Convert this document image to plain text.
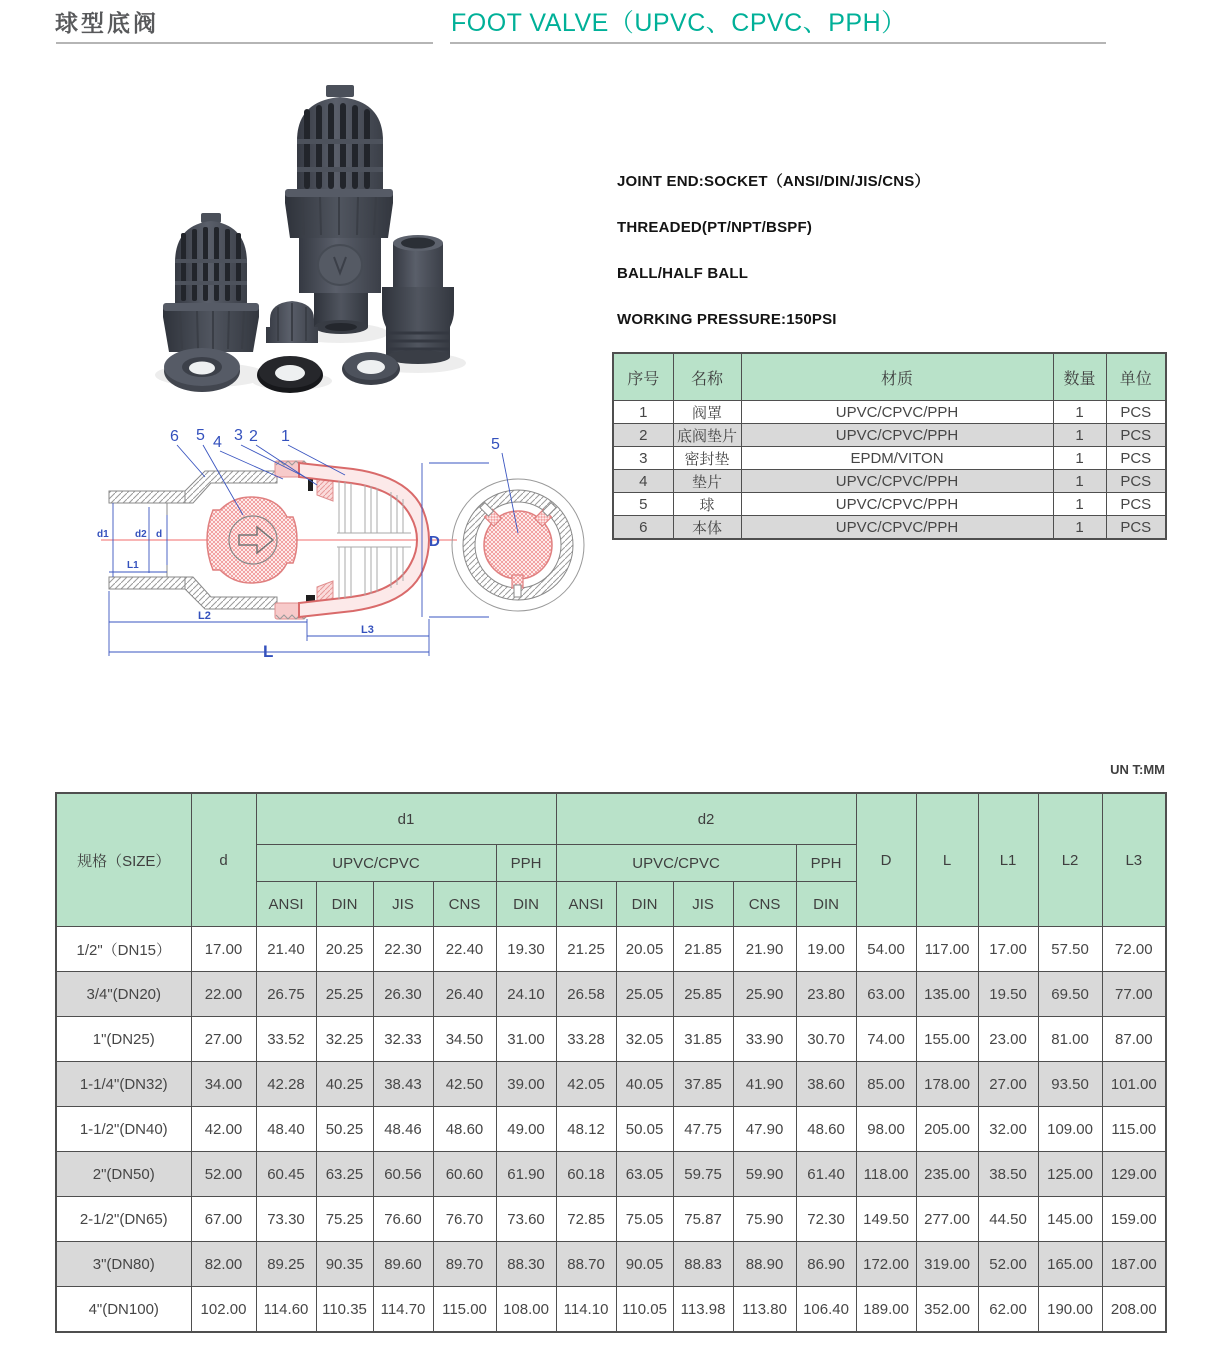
球型底阀	FOOT VALVE（UPVC、CPVC、PPH）
6 5 4 3 2 1
d1	d2 d
L1
L2
L3
L
D
5
JOINT END:SOCKET（ANSI/DIN/JIS/CNS）
THREADED(PT/NPT/BSPF)
BALL/HALF BALL
WORKING PRESSURE:150PSI
序号	名称	材质	数量	单位
1	阀罩	UPVC/CPVC/PPH	1	PCS
2	底阀垫片	UPVC/CPVC/PPH	1	PCS
3	密封垫	EPDM/VITON	1	PCS
4	垫片	UPVC/CPVC/PPH	1	PCS
5	球	UPVC/CPVC/PPH	1	PCS
6	本体	UPVC/CPVC/PPH	1	PCS
UN T:MM
规格（SIZE）	d	d1					d2					D	L	L1	L2	L3
		UPVC/CPVC				PPH	UPVC/CPVC				PPH					
		ANSI	DIN	JIS	CNS	DIN	ANSI	DIN	JIS	CNS	DIN					
1/2"（DN15）	17.00	21.40	20.25	22.30	22.40	19.30	21.25	20.05	21.85	21.90	19.00	54.00	117.00	17.00	57.50	72.00
3/4"(DN20)	22.00	26.75	25.25	26.30	26.40	24.10	26.58	25.05	25.85	25.90	23.80	63.00	135.00	19.50	69.50	77.00
1"(DN25)	27.00	33.52	32.25	32.33	34.50	31.00	33.28	32.05	31.85	33.90	30.70	74.00	155.00	23.00	81.00	87.00
1-1/4"(DN32)	34.00	42.28	40.25	38.43	42.50	39.00	42.05	40.05	37.85	41.90	38.60	85.00	178.00	27.00	93.50	101.00
1-1/2"(DN40)	42.00	48.40	50.25	48.46	48.60	49.00	48.12	50.05	47.75	47.90	48.60	98.00	205.00	32.00	109.00	115.00
2"(DN50)	52.00	60.45	63.25	60.56	60.60	61.90	60.18	63.05	59.75	59.90	61.40	118.00	235.00	38.50	125.00	129.00
2-1/2"(DN65)	67.00	73.30	75.25	76.60	76.70	73.60	72.85	75.05	75.87	75.90	72.30	149.50	277.00	44.50	145.00	159.00
3"(DN80)	82.00	89.25	90.35	89.60	89.70	88.30	88.70	90.05	88.83	88.90	86.90	172.00	319.00	52.00	165.00	187.00
4"(DN100)	102.00	114.60	110.35	114.70	115.00	108.00	114.10	110.05	113.98	113.80	106.40	189.00	352.00	62.00	190.00	208.00
